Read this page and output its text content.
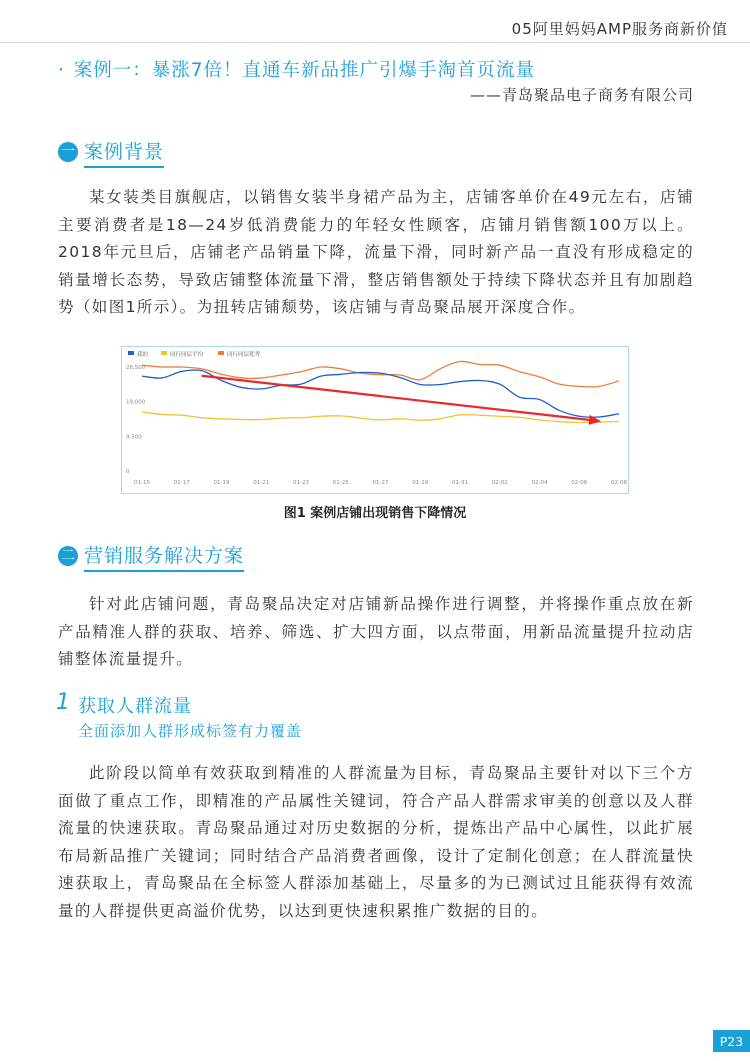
05阿里妈妈AMP服务商新价值
· 案例一：暴涨7倍！直通车新品推广引爆手淘首页流量
——青岛聚品电子商务有限公司
一 案例背景

某女装类目旗舰店，以销售女装半身裙产品为主，店铺客单价在49元左右，店铺主要消费者是18—24岁低消费能力的年轻女性顾客，店铺月销售额100万以上。2018年元旦后，店铺老产品销量下降，流量下滑，同时新产品一直没有形成稳定的销量增长态势，导致店铺整体流量下滑，整店销售额处于持续下降状态并且有加剧趋势（如图1所示）。为扭转店铺颓势，该店铺与青岛聚品展开深度合作。

我的	同行同层平均	同行同层优秀
0
9,500
19,000
28,500
01-15	01-17	01-19	01-21	01-23	01-25	01-27	01-29	01-31	02-02	02-04	02-06	02-08
图1 案例店铺出现销售下降情况
二 营销服务解决方案

针对此店铺问题，青岛聚品决定对店铺新品操作进行调整，并将操作重点放在新产品精准人群的获取、培养、筛选、扩大四方面，以点带面，用新品流量提升拉动店铺整体流量提升。

1 获取人群流量
全面添加人群形成标签有力覆盖

此阶段以简单有效获取到精准的人群流量为目标，青岛聚品主要针对以下三个方面做了重点工作，即精准的产品属性关键词，符合产品人群需求审美的创意以及人群流量的快速获取。青岛聚品通过对历史数据的分析，提炼出产品中心属性，以此扩展布局新品推广关键词；同时结合产品消费者画像，设计了定制化创意；在人群流量快速获取上，青岛聚品在全标签人群添加基础上，尽量多的为已测试过且能获得有效流量的人群提供更高溢价优势，以达到更快速积累推广数据的目的。

P23
